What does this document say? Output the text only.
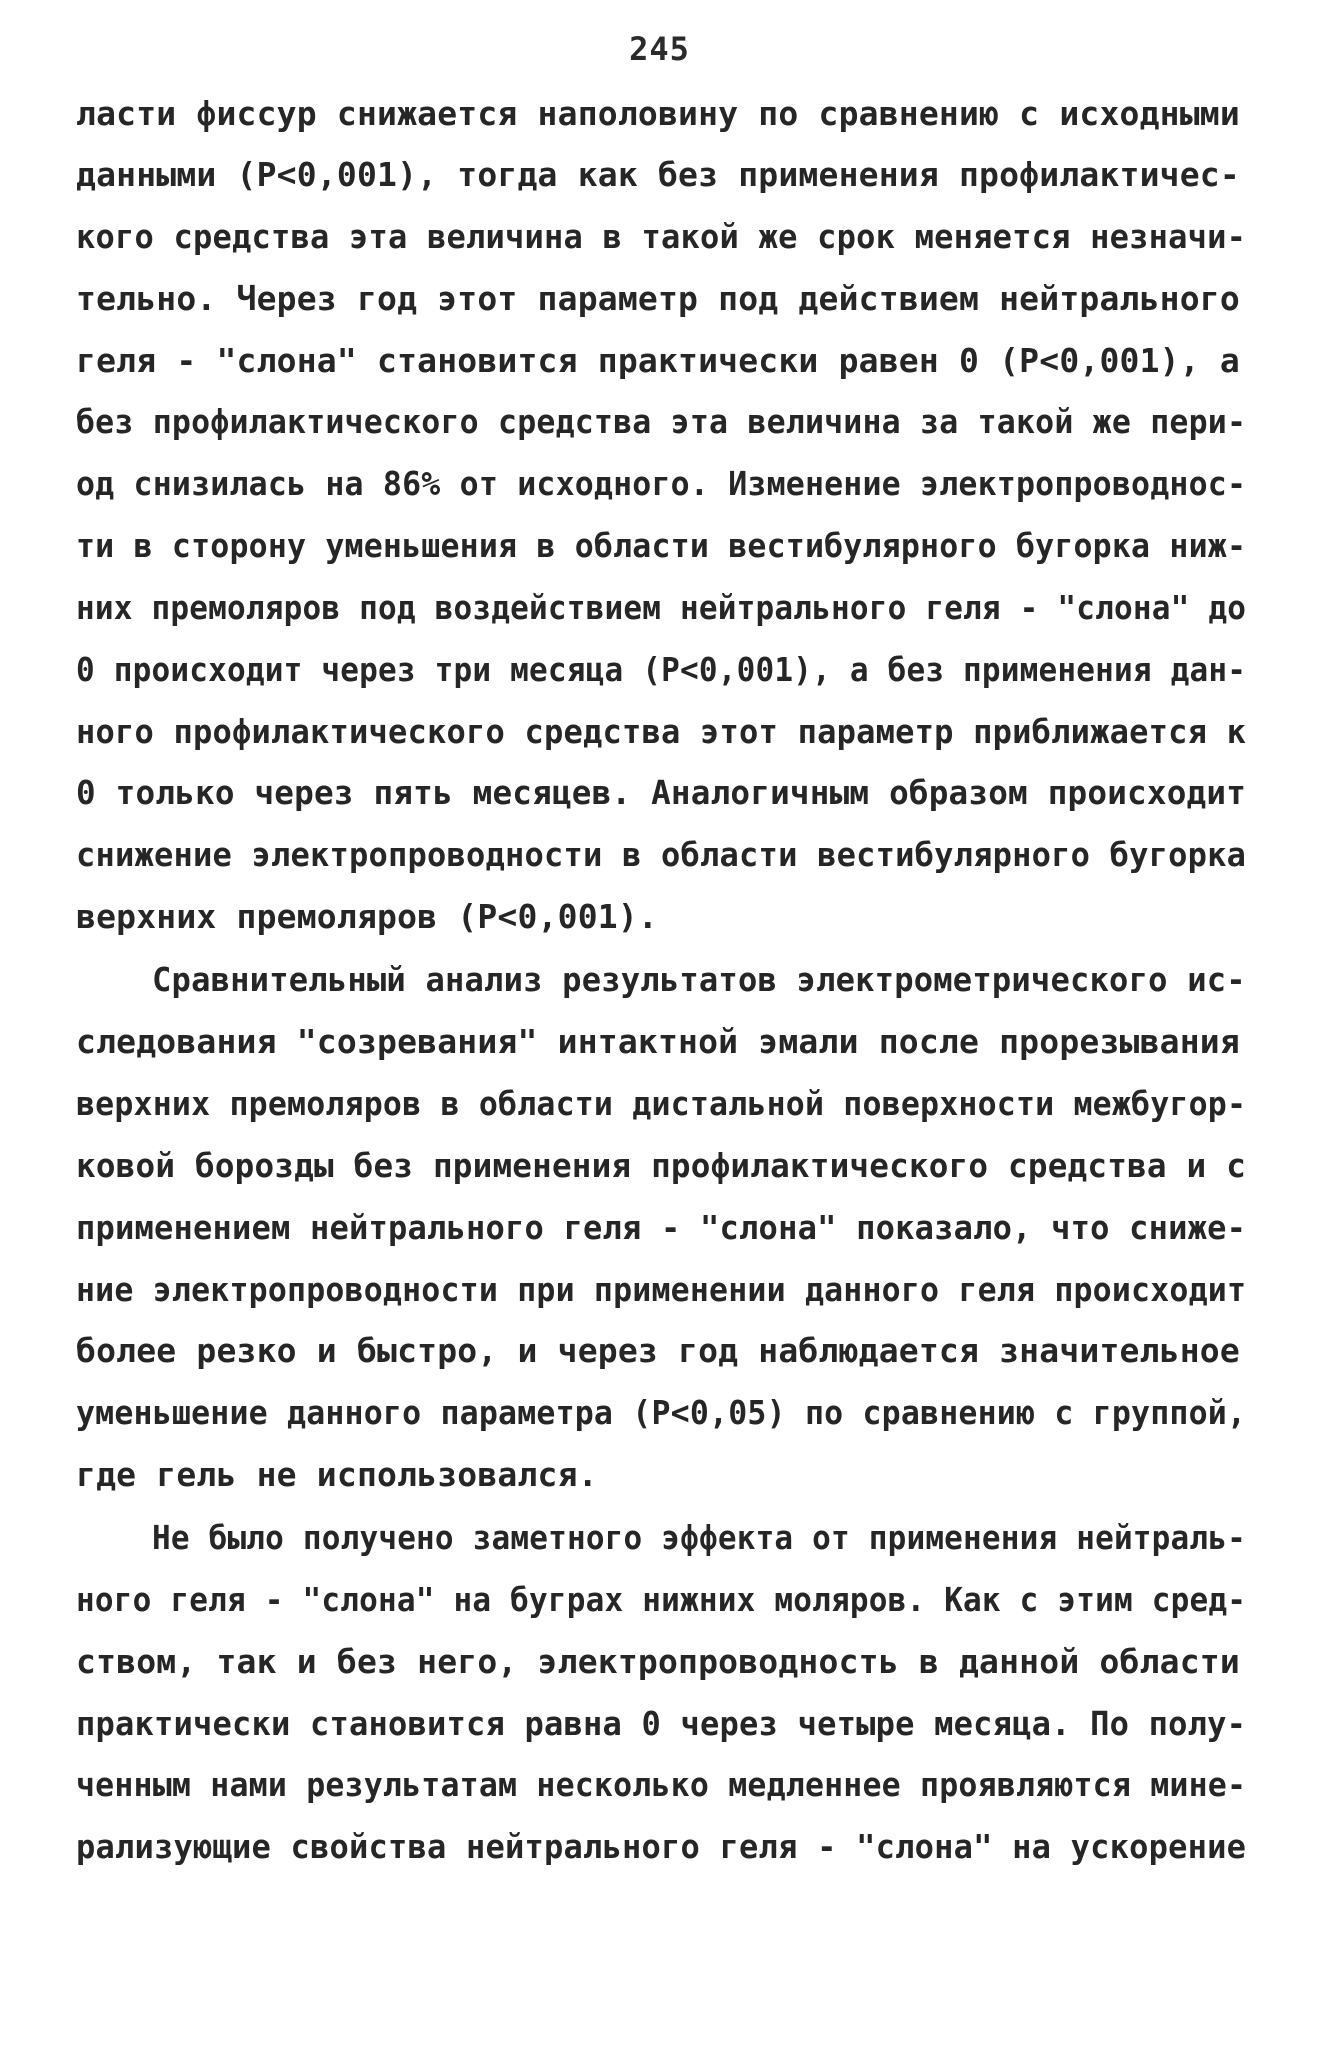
245
ласти фиссур снижается наполовину по сравнению с исходными
данными (Р<0,001), тогда как без применения профилактичес-
кого средства эта величина в такой же срок меняется незначи-
тельно. Через год этот параметр под действием нейтрального
геля - "слона" становится практически равен 0 (Р<0,001), а
без профилактического средства эта величина за такой же пери-
од снизилась на 86% от исходного. Изменение электропроводнос-
ти в сторону уменьшения в области вестибулярного бугорка ниж-
них премоляров под воздействием нейтрального геля - "слона" до
0 происходит через три месяца (Р<0,001), а без применения дан-
ного профилактического средства этот параметр приближается к
0 только через пять месяцев. Аналогичным образом происходит
снижение электропроводности в области вестибулярного бугорка
верхних премоляров (Р<0,001).
Сравнительный анализ результатов электрометрического ис-
следования "созревания" интактной эмали после прорезывания
верхних премоляров в области дистальной поверхности межбугор-
ковой борозды без применения профилактического средства и с
применением нейтрального геля - "слона" показало, что сниже-
ние электропроводности при применении данного геля происходит
более резко и быстро, и через год наблюдается значительное
уменьшение данного параметра (Р<0,05) по сравнению с группой,
где гель не использовался.
Не было получено заметного эффекта от применения нейтраль-
ного геля - "слона" на буграх нижних моляров. Как с этим сред-
ством, так и без него, электропроводность в данной области
практически становится равна 0 через четыре месяца. По полу-
ченным нами результатам несколько медленнее проявляются мине-
рализующие свойства нейтрального геля - "слона" на ускорение
